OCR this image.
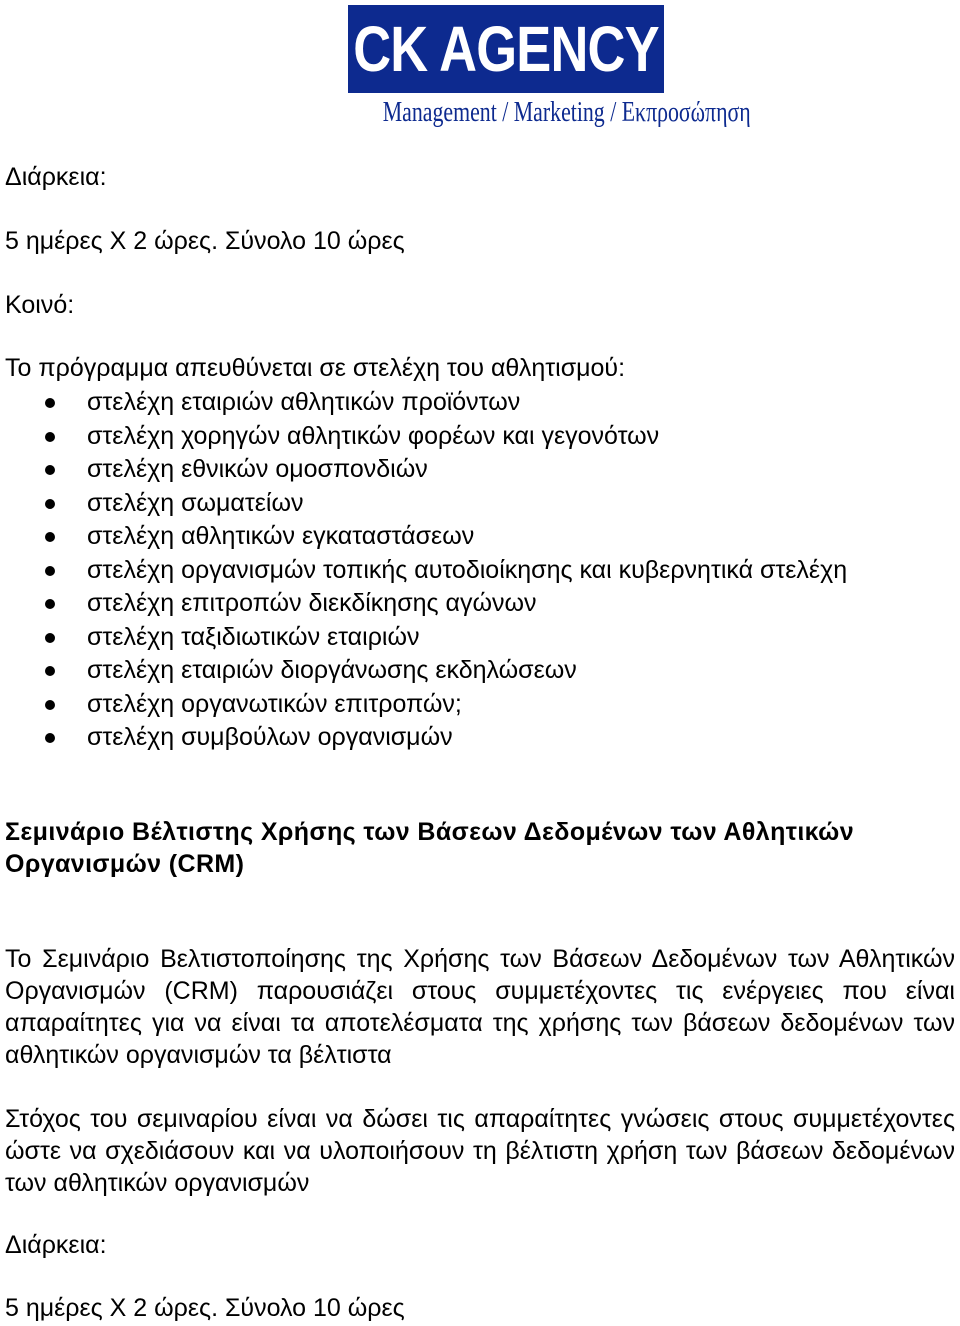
CK AGENCY
Management / Marketing / Εκπροσώπηση
Διάρκεια:
5 ημέρες Χ 2 ώρες. Σύνολο 10 ώρες
Κοινό:
Το πρόγραμμα απευθύνεται σε στελέχη του αθλητισμού:
στελέχη εταιριών αθλητικών προϊόντων
στελέχη χορηγών αθλητικών φορέων και γεγονότων
στελέχη εθνικών ομοσπονδιών
στελέχη σωματείων
στελέχη αθλητικών εγκαταστάσεων
στελέχη οργανισμών τοπικής αυτοδιοίκησης και κυβερνητικά στελέχη
στελέχη επιτροπών διεκδίκησης αγώνων
στελέχη ταξιδιωτικών εταιριών
στελέχη εταιριών διοργάνωσης εκδηλώσεων
στελέχη οργανωτικών επιτροπών;
στελέχη συμβούλων οργανισμών
Σεμινάριο Βέλτιστης Χρήσης των Βάσεων Δεδομένων των Αθλητικών
Οργανισμών (CRM)
Το Σεμινάριο Βελτιστοποίησης της Χρήσης των Βάσεων Δεδομένων των Αθλητικών Οργανισμών (CRM) παρουσιάζει στους συμμετέχοντες τις ενέργειες που είναι απαραίτητες για να είναι τα αποτελέσματα της χρήσης των βάσεων δεδομένων των αθλητικών οργανισμών τα βέλτιστα
Στόχος του σεμιναρίου είναι να δώσει τις απαραίτητες γνώσεις στους συμμετέχοντες ώστε να σχεδιάσουν και να υλοποιήσουν τη βέλτιστη χρήση των βάσεων δεδομένων των αθλητικών οργανισμών
Διάρκεια:
5 ημέρες Χ 2 ώρες. Σύνολο 10 ώρες
